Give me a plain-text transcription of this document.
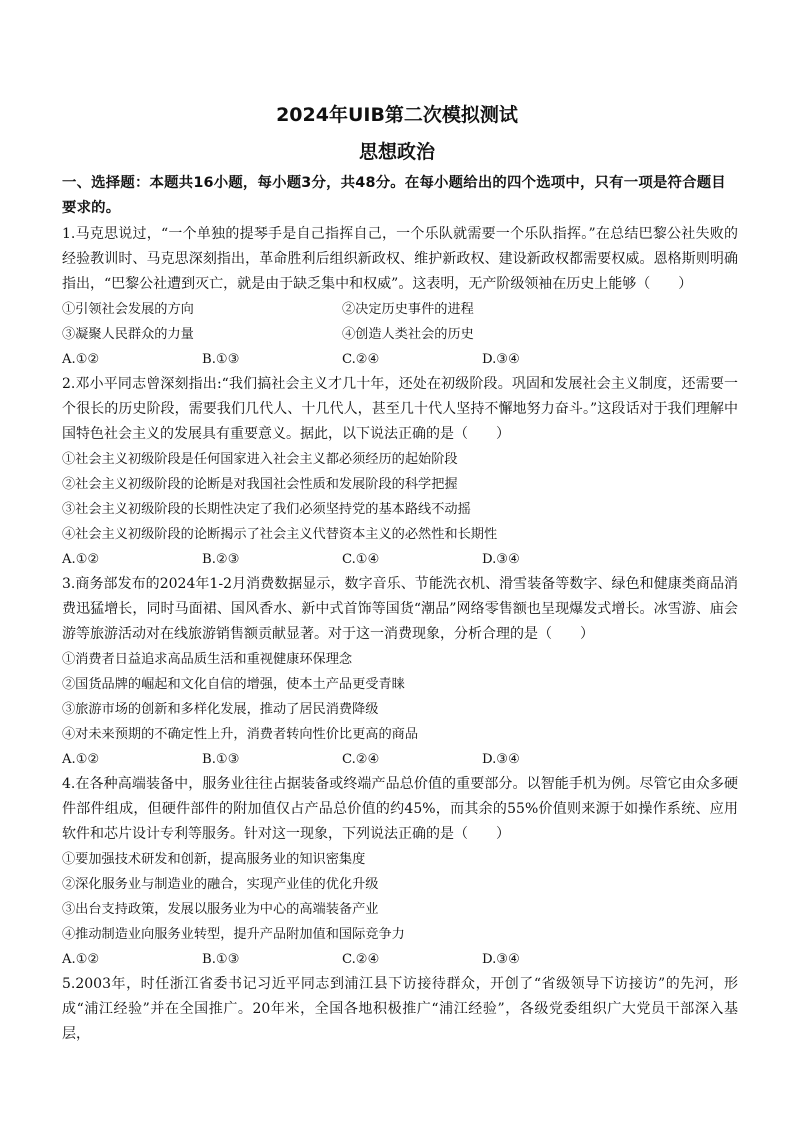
2024年UIB第二次模拟测试
思想政治
一、选择题：本题共16小题，每小题3分，共48分。在每小题给出的四个选项中，只有一项是符合题目要求的。

1.马克思说过，“一个单独的提琴手是自己指挥自己，一个乐队就需要一个乐队指挥。”在总结巴黎公社失败的经验教训时、马克思深刻指出，革命胜利后组织新政权、维护新政权、建设新政权都需要权威。恩格斯则明确指出，“巴黎公社遭到灭亡，就是由于缺乏集中和权威”。这表明，无产阶级领袖在历史上能够（　　）

①引领社会发展的方向	②决定历史事件的进程
③凝聚人民群众的力量	④创造人类社会的历史
A.①②	B.①③	C.②④	D.③④

2.邓小平同志曾深刻指出:“我们搞社会主义才几十年，还处在初级阶段。巩固和发展社会主义制度，还需要一个很长的历史阶段，需要我们几代人、十几代人，甚至几十代人坚持不懈地努力奋斗。”这段话对于我们理解中国特色社会主义的发展具有重要意义。据此，以下说法正确的是（　　）

①社会主义初级阶段是任何国家进入社会主义都必须经历的起始阶段
②社会主义初级阶段的论断是对我国社会性质和发展阶段的科学把握
③社会主义初级阶段的长期性决定了我们必须坚持党的基本路线不动摇
④社会主义初级阶段的论断揭示了社会主义代替资本主义的必然性和长期性
A.①②	B.②③	C.①④	D.③④

3.商务部发布的2024年1-2月消费数据显示，数字音乐、节能洗衣机、滑雪装备等数字、绿色和健康类商品消费迅猛增长，同时马面裙、国风香水、新中式首饰等国货“潮品”网络零售额也呈现爆发式增长。冰雪游、庙会游等旅游活动对在线旅游销售额贡献显著。对于这一消费现象，分析合理的是（　　）

①消费者日益追求高品质生活和重视健康环保理念
②国货品牌的崛起和文化自信的增强，使本土产品更受青睐
③旅游市场的创新和多样化发展，推动了居民消费降级
④对未来预期的不确定性上升，消费者转向性价比更高的商品
A.①②	B.①③	C.②④	D.③④

4.在各种高端装备中，服务业往往占据装备或终端产品总价值的重要部分。以智能手机为例。尽管它由众多硬件部件组成，但硬件部件的附加值仅占产品总价值的约45%，而其余的55%价值则来源于如操作系统、应用软件和芯片设计专利等服务。针对这一现象，下列说法正确的是（　　）

①要加强技术研发和创新，提高服务业的知识密集度
②深化服务业与制造业的融合，实现产业佳的优化升级
③出台支持政策，发展以服务业为中心的高端装备产业
④推动制造业向服务业转型，提升产品附加值和国际竞争力
A.①②	B.①③	C.②④	D.③④

5.2003年，时任浙江省委书记习近平同志到浦江县下访接待群众，开创了“省级领导下访接访”的先河，形成“浦江经验”并在全国推广。20年米，全国各地积极推广“浦江经验”，各级党委组织广大党员干部深入基层，
